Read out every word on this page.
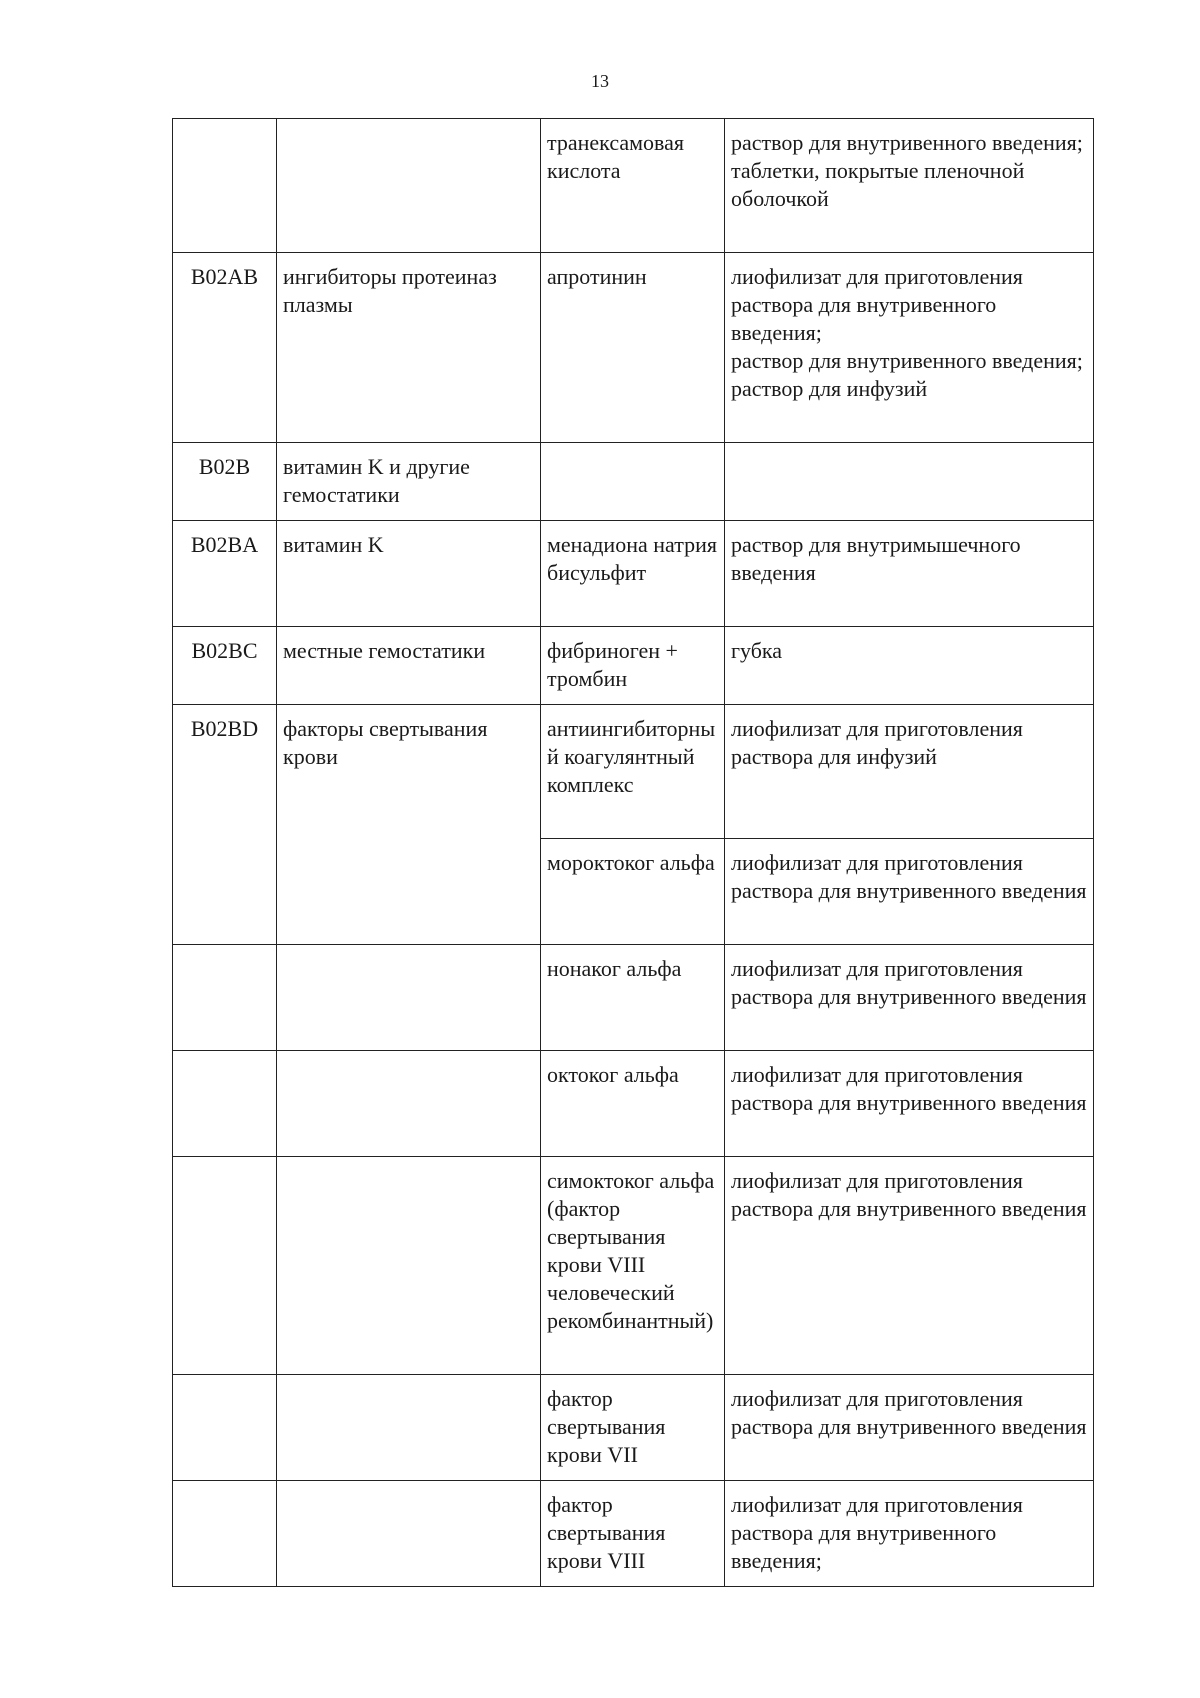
13
		транексамовая кислота	раствор для внутривенного введения;
таблетки, покрытые пленочной оболочкой

B02AB	ингибиторы протеиназ плазмы	апротинин	лиофилизат для приготовления раствора для внутривенного введения;
раствор для внутривенного введения;
раствор для инфузий

B02B	витамин K и другие гемостатики		
B02BA	витамин K	менадиона натрия бисульфит	раствор для внутримышечного введения

B02BC	местные гемостатики	фибриноген + тромбин	губка

B02BD	факторы свертывания крови	антиингибиторный коагулянтный комплекс	лиофилизат для приготовления раствора для инфузий

		мороктоког альфа	лиофилизат для приготовления раствора для внутривенного введения

		нонаког альфа	лиофилизат для приготовления раствора для внутривенного введения

		октоког альфа	лиофилизат для приготовления раствора для внутривенного введения

		симоктоког альфа (фактор свертывания крови VIII человеческий рекомбинантный)	лиофилизат для приготовления раствора для внутривенного введения

		фактор свертывания крови VII	лиофилизат для приготовления раствора для внутривенного введения

		фактор свертывания крови VIII	лиофилизат для приготовления раствора для внутривенного введения;
